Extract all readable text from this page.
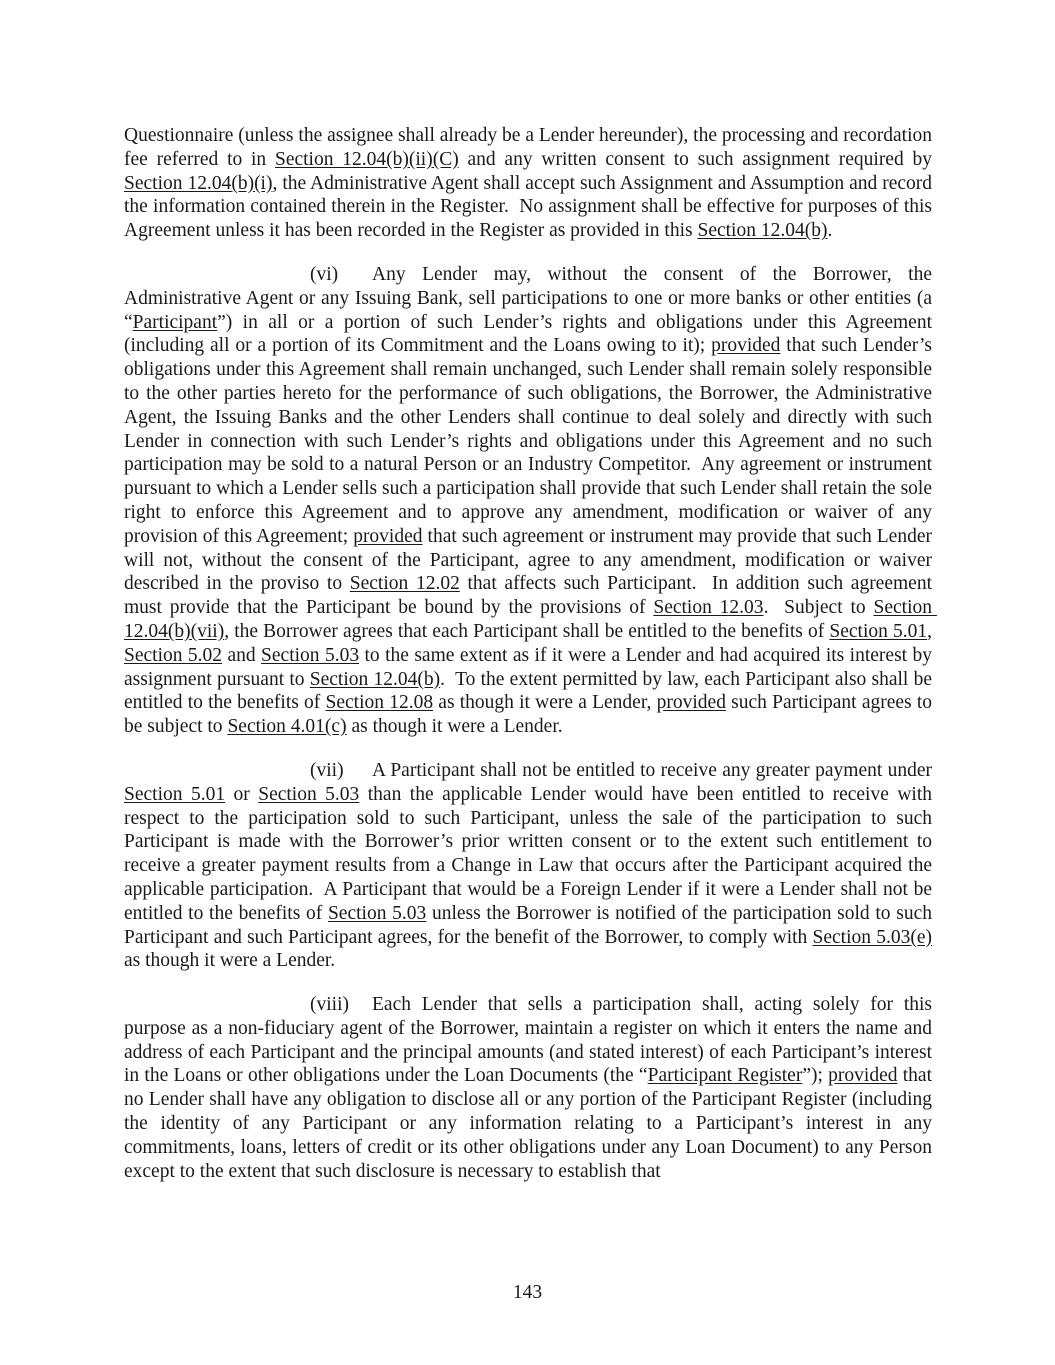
Questionnaire (unless the assignee shall already be a Lender hereunder), the processing and recordation fee referred to in Section 12.04(b)(ii)(C) and any written consent to such assignment required by Section 12.04(b)(i), the Administrative Agent shall accept such Assignment and Assumption and record the information contained therein in the Register.  No assignment shall be effective for purposes of this Agreement unless it has been recorded in the Register as provided in this Section 12.04(b).

(vi) Any Lender may, without the consent of the Borrower, the Administrative Agent or any Issuing Bank, sell participations to one or more banks or other entities (a “Participant”) in all or a portion of such Lender’s rights and obligations under this Agreement (including all or a portion of its Commitment and the Loans owing to it); provided that such Lender’s obligations under this Agreement shall remain unchanged, such Lender shall remain solely responsible to the other parties hereto for the performance of such obligations, the Borrower, the Administrative Agent, the Issuing Banks and the other Lenders shall continue to deal solely and directly with such Lender in connection with such Lender’s rights and obligations under this Agreement and no such participation may be sold to a natural Person or an Industry Competitor.  Any agreement or instrument pursuant to which a Lender sells such a participation shall provide that such Lender shall retain the sole right to enforce this Agreement and to approve any amendment, modification or waiver of any provision of this Agreement; provided that such agreement or instrument may provide that such Lender will not, without the consent of the Participant, agree to any amendment, modification or waiver described in the proviso to Section 12.02 that affects such Participant.  In addition such agreement must provide that the Participant be bound by the provisions of Section 12.03.  Subject to Section 12.04(b)(vii), the Borrower agrees that each Participant shall be entitled to the benefits of Section 5.01, Section 5.02 and Section 5.03 to the same extent as if it were a Lender and had acquired its interest by assignment pursuant to Section 12.04(b).  To the extent permitted by law, each Participant also shall be entitled to the benefits of Section 12.08 as though it were a Lender, provided such Participant agrees to be subject to Section 4.01(c) as though it were a Lender.

(vii) A Participant shall not be entitled to receive any greater payment under Section 5.01 or Section 5.03 than the applicable Lender would have been entitled to receive with respect to the participation sold to such Participant, unless the sale of the participation to such Participant is made with the Borrower’s prior written consent or to the extent such entitlement to receive a greater payment results from a Change in Law that occurs after the Participant acquired the applicable participation.  A Participant that would be a Foreign Lender if it were a Lender shall not be entitled to the benefits of Section 5.03 unless the Borrower is notified of the participation sold to such Participant and such Participant agrees, for the benefit of the Borrower, to comply with Section 5.03(e) as though it were a Lender.

(viii) Each Lender that sells a participation shall, acting solely for this purpose as a non-fiduciary agent of the Borrower, maintain a register on which it enters the name and address of each Participant and the principal amounts (and stated interest) of each Participant’s interest in the Loans or other obligations under the Loan Documents (the “Participant Register”); provided that no Lender shall have any obligation to disclose all or any portion of the Participant Register (including the identity of any Participant or any information relating to a Participant’s interest in any commitments, loans, letters of credit or its other obligations under any Loan Document) to any Person except to the extent that such disclosure is necessary to establish that

143
